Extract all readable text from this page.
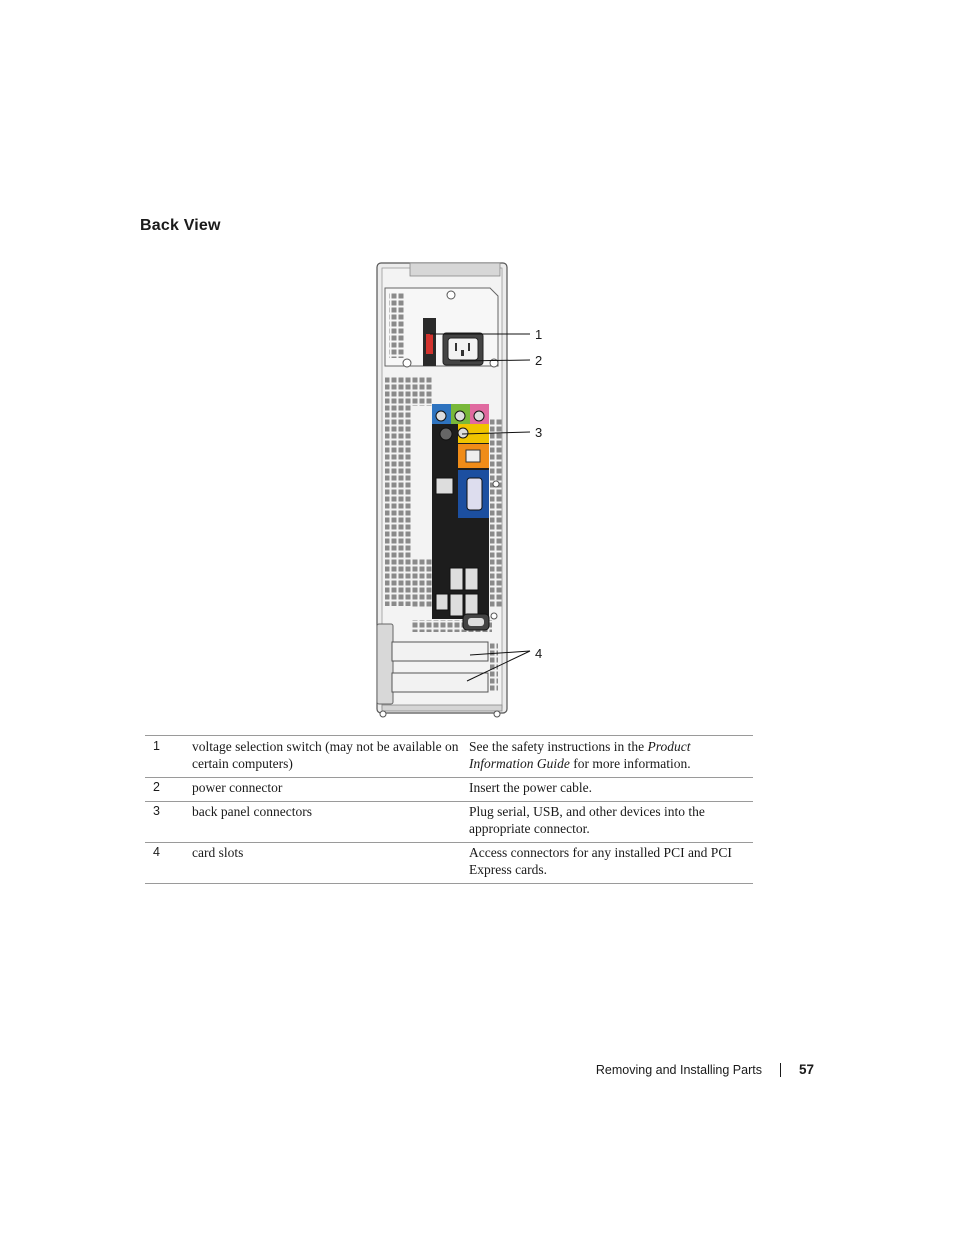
Back View
1
2
3
4
1	voltage selection switch (may not be available on certain computers)	See the safety instructions in the Product Information Guide for more information.
2	power connector	Insert the power cable.
3	back panel connectors	Plug serial, USB, and other devices into the appropriate connector.
4	card slots	Access connectors for any installed PCI and PCI Express cards.
Removing and Installing Parts	57
